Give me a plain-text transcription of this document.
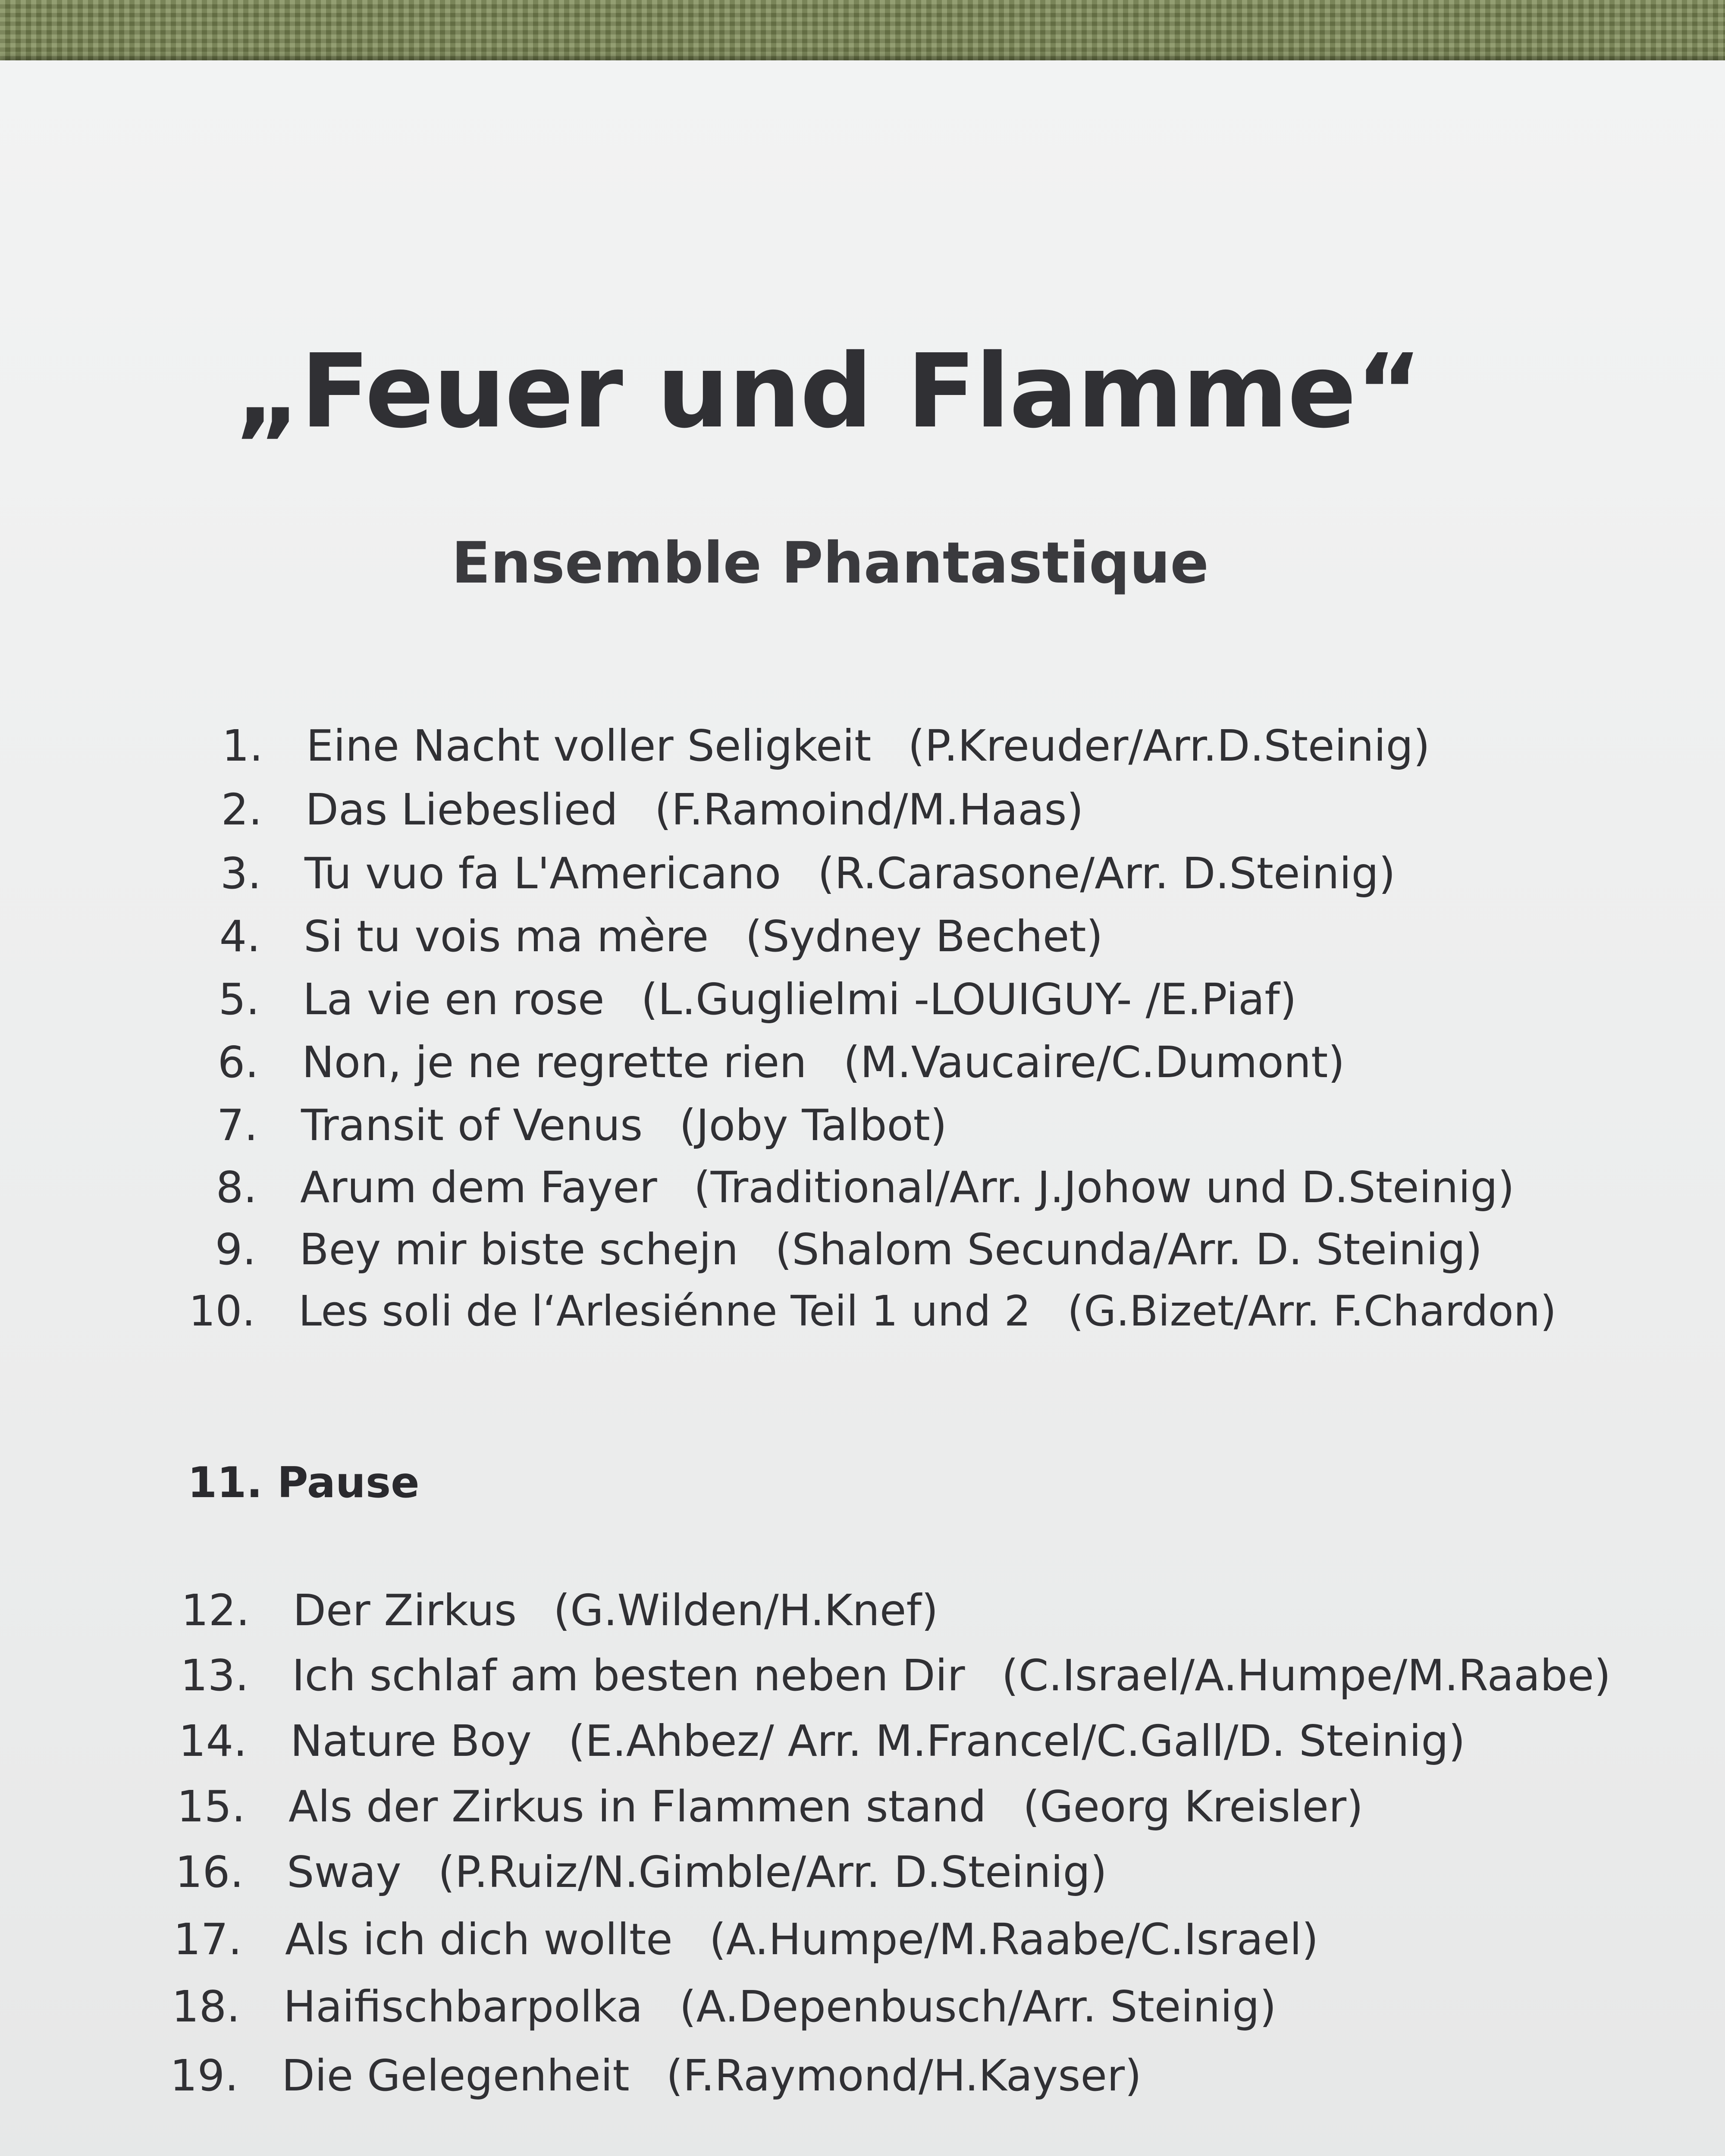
„Feuer und Flamme“
Ensemble Phantastique
1. Eine Nacht voller Seligkeit (P.Kreuder/Arr.D.Steinig)
2. Das Liebeslied (F.Ramoind/M.Haas)
3. Tu vuo fa L'Americano (R.Carasone/Arr. D.Steinig)
4. Si tu vois ma mère (Sydney Bechet)
5. La vie en rose (L.Guglielmi -LOUIGUY- /E.Piaf)
6. Non, je ne regrette rien (M.Vaucaire/C.Dumont)
7. Transit of Venus (Joby Talbot)
8. Arum dem Fayer (Traditional/Arr. J.Johow und D.Steinig)
9. Bey mir biste schejn (Shalom Secunda/Arr. D. Steinig)
10. Les soli de l‘Arlesiénne Teil 1 und 2 (G.Bizet/Arr. F.Chardon)
11. Pause
12. Der Zirkus (G.Wilden/H.Knef)
13. Ich schlaf am besten neben Dir (C.Israel/A.Humpe/M.Raabe)
14. Nature Boy (E.Ahbez/ Arr. M.Francel/C.Gall/D. Steinig)
15. Als der Zirkus in Flammen stand (Georg Kreisler)
16. Sway (P.Ruiz/N.Gimble/Arr. D.Steinig)
17. Als ich dich wollte (A.Humpe/M.Raabe/C.Israel)
18. Haifischbarpolka (A.Depenbusch/Arr. Steinig)
19. Die Gelegenheit (F.Raymond/H.Kayser)
